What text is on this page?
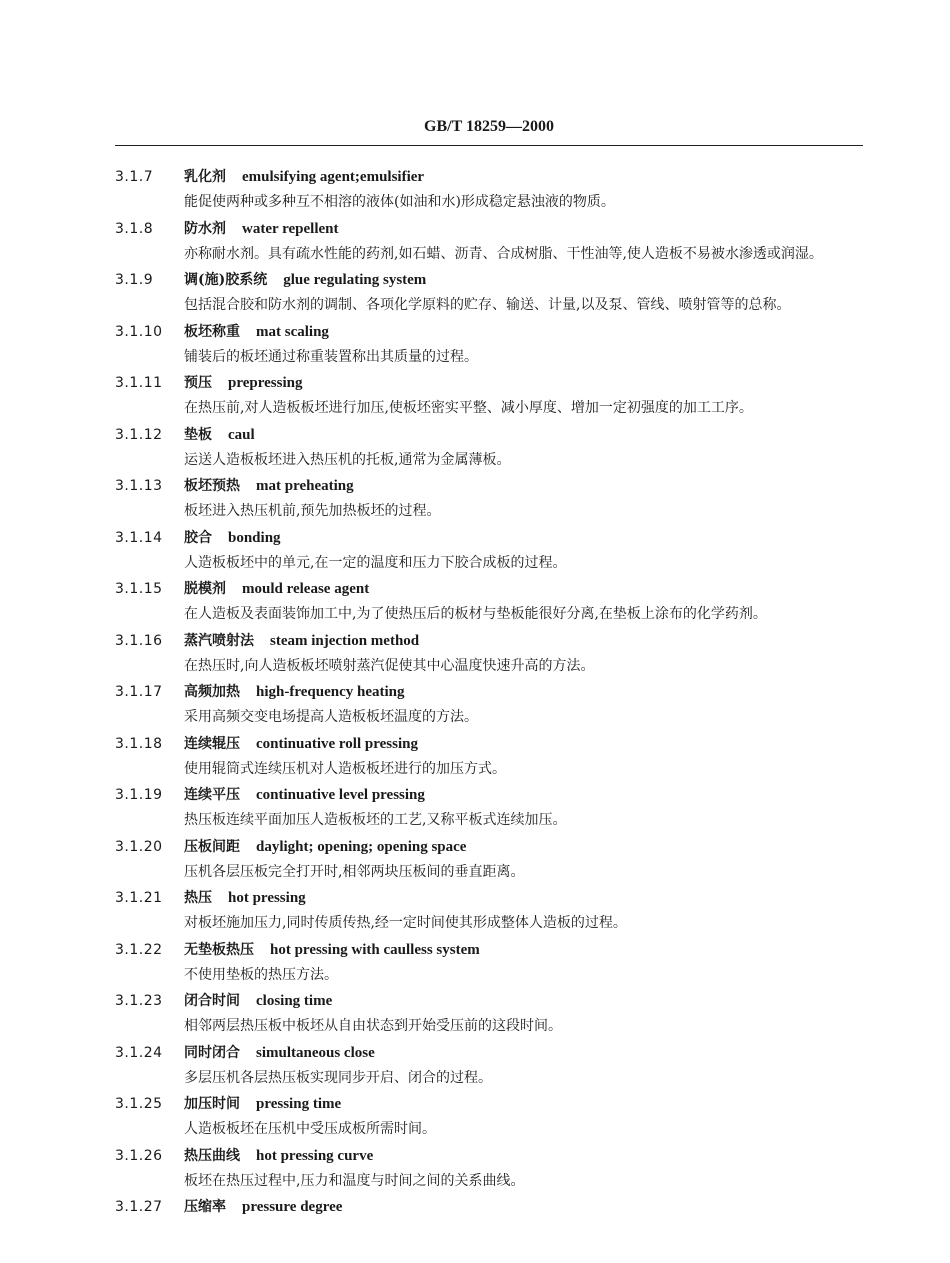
GB/T 18259—2000
3.1.7 乳化剂 emulsifying agent;emulsifier
能促使两种或多种互不相溶的液体(如油和水)形成稳定悬浊液的物质。
3.1.8 防水剂 water repellent
亦称耐水剂。具有疏水性能的药剂,如石蜡、沥青、合成树脂、干性油等,使人造板不易被水渗透或润湿。
3.1.9 调(施)胶系统 glue regulating system
包括混合胶和防水剂的调制、各项化学原料的贮存、输送、计量,以及泵、管线、喷射管等的总称。
3.1.10 板坯称重 mat scaling
铺装后的板坯通过称重装置称出其质量的过程。
3.1.11 预压 prepressing
在热压前,对人造板板坯进行加压,使板坯密实平整、减小厚度、增加一定初强度的加工工序。
3.1.12 垫板 caul
运送人造板板坯进入热压机的托板,通常为金属薄板。
3.1.13 板坯预热 mat preheating
板坯进入热压机前,预先加热板坯的过程。
3.1.14 胶合 bonding
人造板板坯中的单元,在一定的温度和压力下胶合成板的过程。
3.1.15 脱模剂 mould release agent
在人造板及表面装饰加工中,为了使热压后的板材与垫板能很好分离,在垫板上涂布的化学药剂。
3.1.16 蒸汽喷射法 steam injection method
在热压时,向人造板板坯喷射蒸汽促使其中心温度快速升高的方法。
3.1.17 高频加热 high-frequency heating
采用高频交变电场提高人造板板坯温度的方法。
3.1.18 连续辊压 continuative roll pressing
使用辊筒式连续压机对人造板板坯进行的加压方式。
3.1.19 连续平压 continuative level pressing
热压板连续平面加压人造板板坯的工艺,又称平板式连续加压。
3.1.20 压板间距 daylight; opening; opening space
压机各层压板完全打开时,相邻两块压板间的垂直距离。
3.1.21 热压 hot pressing
对板坯施加压力,同时传质传热,经一定时间使其形成整体人造板的过程。
3.1.22 无垫板热压 hot pressing with caulless system
不使用垫板的热压方法。
3.1.23 闭合时间 closing time
相邻两层热压板中板坯从自由状态到开始受压前的这段时间。
3.1.24 同时闭合 simultaneous close
多层压机各层热压板实现同步开启、闭合的过程。
3.1.25 加压时间 pressing time
人造板板坯在压机中受压成板所需时间。
3.1.26 热压曲线 hot pressing curve
板坯在热压过程中,压力和温度与时间之间的关系曲线。
3.1.27 压缩率 pressure degree
